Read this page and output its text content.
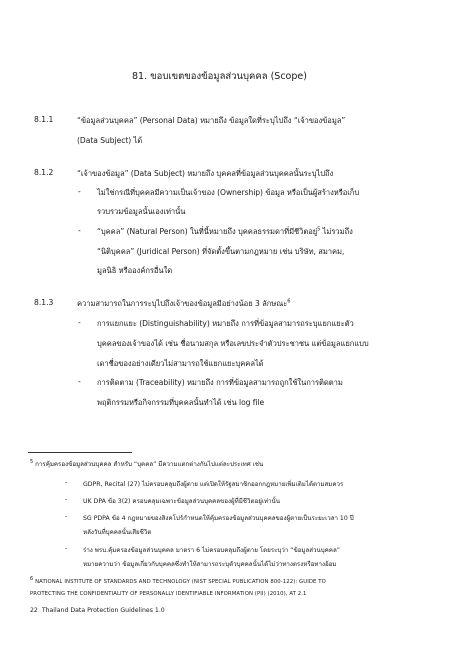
81. ขอบเขตของข้อมูลส่วนบุคคล (Scope)
8.1.1	“ข้อมูลส่วนบุคคล” (Personal Data) หมายถึง ข้อมูลใดที่ระบุไปถึง “เจ้าของข้อมูล”
(Data Subject) ได้
8.1.2	“เจ้าของข้อมูล” (Data Subject) หมายถึง บุคคลที่ข้อมูลส่วนบุคคลนั้นระบุไปถึง
- ไม่ใช่กรณีที่บุคคลมีความเป็นเจ้าของ (Ownership) ข้อมูล หรือเป็นผู้สร้างหรือเก็บ
รวบรวมข้อมูลนั้นเองเท่านั้น
- “บุคคล” (Natural Person) ในที่นี้หมายถึง บุคคลธรรมดาที่มีชีวิตอยู่$^5$ ไม่รวมถึง
“นิติบุคคล” (Juridical Person) ที่จัดตั้งขึ้นตามกฎหมาย เช่น บริษัท, สมาคม,
มูลนิธิ หรือองค์กรอื่นใด
8.1.3	ความสามารถในการระบุไปถึงเจ้าของข้อมูลมีอย่างน้อย 3 ลักษณะ$^6$
- การแยกแยะ (Distinguishability) หมายถึง การที่ข้อมูลสามารถระบุแยกแยะตัว
บุคคลของเจ้าของได้ เช่น ชื่อนามสกุล หรือเลขประจำตัวประชาชน แต่ข้อมูลแยกแบบ
เดาชื่อของอย่างเดียวไม่สามารถใช้แยกแยะบุคคลได้
- การติดตาม (Traceability) หมายถึง การที่ข้อมูลสามารถถูกใช้ในการติดตาม
พฤติกรรมหรือกิจกรรมที่บุคคลนั้นทำได้ เช่น log file
$^5$ การคุ้มครองข้อมูลส่วนบุคคล สำหรับ “บุคคล” มีความแตกต่างกันไปแต่ละประเทศ เช่น
-	GDPR, Recital (27) ไม่ครอบคลุมถึงผู้ตาย แต่เปิดให้รัฐสมาชิกออกกฎหมายเพิ่มเติมได้ตามสมควร
-	UK DPA ข้อ 3(2) ครอบคลุมเฉพาะข้อมูลส่วนบุคคลของผู้ที่มีชีวิตอยู่เท่านั้น
-	SG PDPA ข้อ 4 กฎหมายของสิงคโปร์กำหนดให้คุ้มครองข้อมูลส่วนบุคคลของผู้ตายเป็นระยะเวลา 10 ปี
หลังวันที่บุคคลนั้นเสียชีวิต
-	ร่าง พรบ.คุ้มครองข้อมูลส่วนบุคคล มาตรา 6 ไม่ครอบคลุมถึงผู้ตาย โดยระบุว่า “ข้อมูลส่วนบุคคล”
หมายความว่า ข้อมูลเกี่ยวกับบุคคลซึ่งทำให้สามารถระบุตัวบุคคลนั้นได้ไม่ว่าทางตรงหรือทางอ้อม
$^6$ NATIONAL INSTITUTE OF STANDARDS AND TECHNOLOGY (NIST SPECIAL PUBLICATION 800-122): GUIDE TO
PROTECTING THE CONFIDENTIALITY OF PERSONALLY IDENTIFIABLE INFORMATION (PII) (2010), AT 2.1
22 Thailand Data Protection Guidelines 1.0
